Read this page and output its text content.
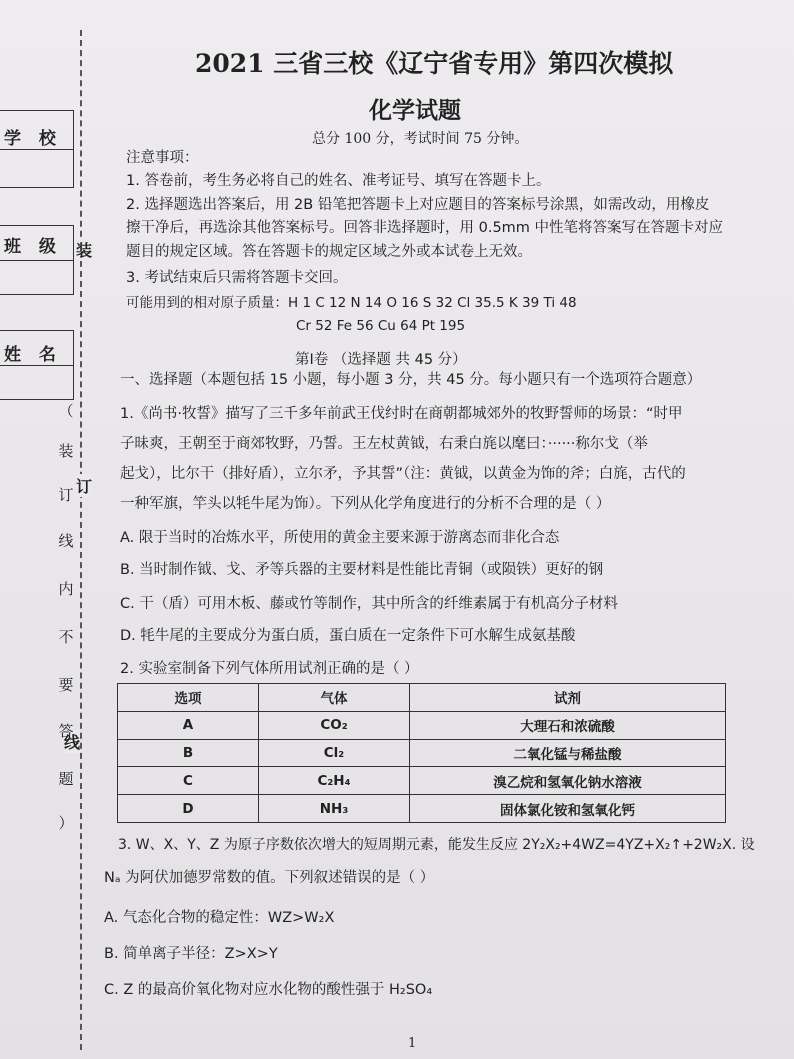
学 校
班 级
姓 名
装
订
线
（
装
订
线
内
不
要
答
题
）
2021 三省三校《辽宁省专用》第四次模拟
化学试题
总分 100 分，考试时间 75 分钟。
注意事项：
1. 答卷前，考生务必将自己的姓名、准考证号、填写在答题卡上。
2. 选择题选出答案后，用 2B 铅笔把答题卡上对应题目的答案标号涂黑，如需改动，用橡皮
擦干净后，再选涂其他答案标号。回答非选择题时，用 0.5mm 中性笔将答案写在答题卡对应
题目的规定区域。答在答题卡的规定区域之外或本试卷上无效。
3. 考试结束后只需将答题卡交回。
可能用到的相对原子质量：H 1 C 12 N 14 O 16 S 32 Cl 35.5 K 39 Ti 48
Cr 52 Fe 56 Cu 64 Pt 195
第Ⅰ卷 （选择题 共 45 分）
一、选择题（本题包括 15 小题，每小题 3 分，共 45 分。每小题只有一个选项符合题意）
1.《尚书·牧誓》描写了三千多年前武王伐纣时在商朝都城郊外的牧野誓师的场景：“时甲
子昧爽，王朝至于商郊牧野，乃誓。王左杖黄钺，右秉白旄以麾曰：······称尔戈（举
起戈），比尔干（排好盾），立尔矛，予其誓”（注：黄钺，以黄金为饰的斧；白旄，古代的
一种军旗，竿头以牦牛尾为饰）。下列从化学角度进行的分析不合理的是（ ）
A. 限于当时的冶炼水平，所使用的黄金主要来源于游离态而非化合态
B. 当时制作钺、戈、矛等兵器的主要材料是性能比青铜（或陨铁）更好的钢
C. 干（盾）可用木板、藤或竹等制作，其中所含的纤维素属于有机高分子材料
D. 牦牛尾的主要成分为蛋白质，蛋白质在一定条件下可水解生成氨基酸
2. 实验室制备下列气体所用试剂正确的是（ ）
选项	气体	试剂
A	CO₂	大理石和浓硫酸
B	Cl₂	二氧化锰与稀盐酸
C	C₂H₄	溴乙烷和氢氧化钠水溶液
D	NH₃	固体氯化铵和氢氧化钙
3. W、X、Y、Z 为原子序数依次增大的短周期元素，能发生反应 2Y₂X₂+4WZ=4YZ+X₂↑+2W₂X. 设
Nₐ 为阿伏加德罗常数的值。下列叙述错误的是（ ）
A. 气态化合物的稳定性：WZ>W₂X
B. 简单离子半径：Z>X>Y
C. Z 的最高价氧化物对应水化物的酸性强于 H₂SO₄
1
